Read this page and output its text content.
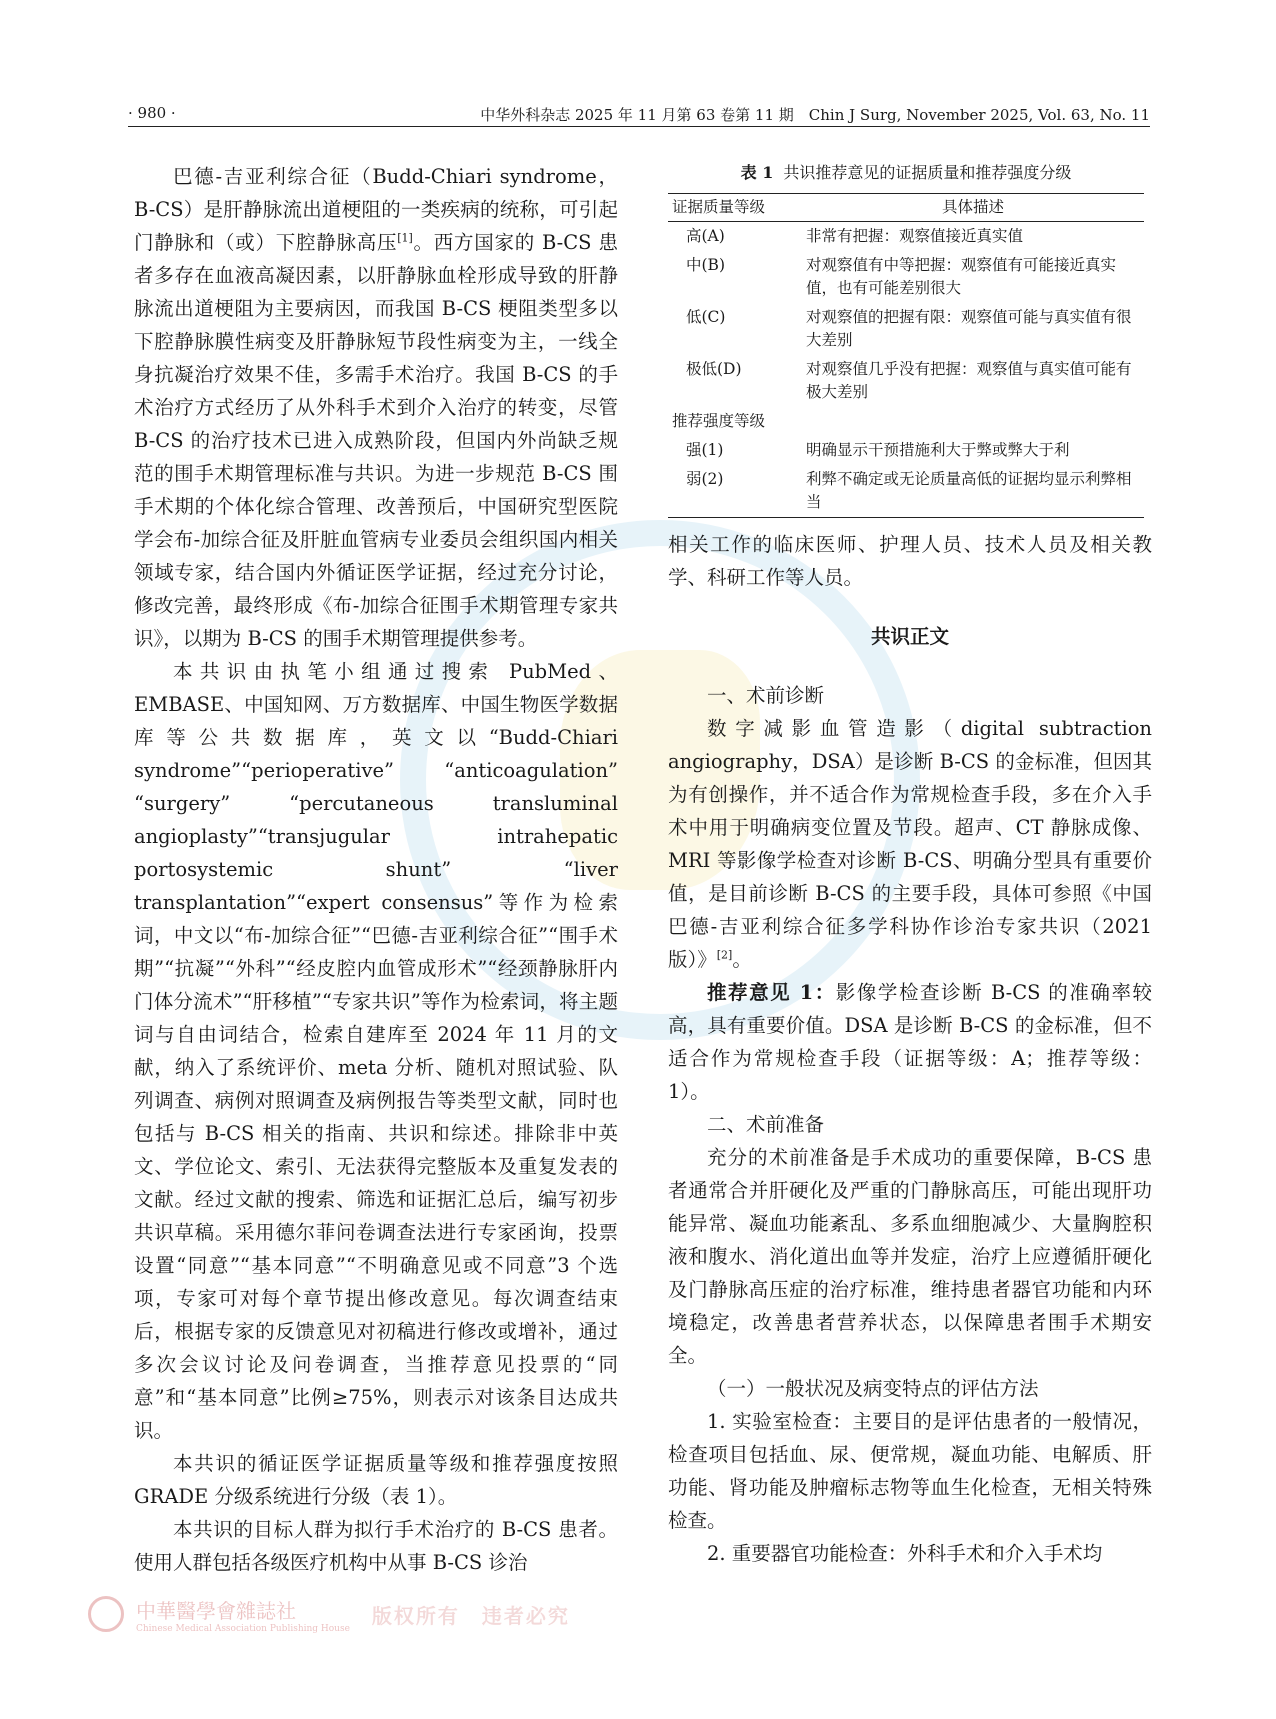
· 980 ·	中华外科杂志 2025 年 11 月第 63 卷第 11 期　Chin J Surg, November 2025, Vol. 63, No. 11

巴德-吉亚利综合征（Budd-Chiari syndrome，B-CS）是肝静脉流出道梗阻的一类疾病的统称，可引起门静脉和（或）下腔静脉高压[1]。西方国家的 B-CS 患者多存在血液高凝因素，以肝静脉血栓形成导致的肝静脉流出道梗阻为主要病因，而我国 B-CS 梗阻类型多以下腔静脉膜性病变及肝静脉短节段性病变为主，一线全身抗凝治疗效果不佳，多需手术治疗。我国 B-CS 的手术治疗方式经历了从外科手术到介入治疗的转变，尽管 B-CS 的治疗技术已进入成熟阶段，但国内外尚缺乏规范的围手术期管理标准与共识。为进一步规范 B-CS 围手术期的个体化综合管理、改善预后，中国研究型医院学会布-加综合征及肝脏血管病专业委员会组织国内相关领域专家，结合国内外循证医学证据，经过充分讨论，修改完善，最终形成《布-加综合征围手术期管理专家共识》，以期为 B-CS 的围手术期管理提供参考。

本共识由执笔小组通过搜索 PubMed、EMBASE、中国知网、万方数据库、中国生物医学数据库等公共数据库，英文以“Budd-Chiari syndrome”“perioperative” “anticoagulation” “surgery” “percutaneous transluminal angioplasty”“transjugular intrahepatic portosystemic shunt” “liver transplantation”“expert consensus”等作为检索词，中文以“布-加综合征”“巴德-吉亚利综合征”“围手术期”“抗凝”“外科”“经皮腔内血管成形术”“经颈静脉肝内门体分流术”“肝移植”“专家共识”等作为检索词，将主题词与自由词结合，检索自建库至 2024 年 11 月的文献，纳入了系统评价、meta 分析、随机对照试验、队列调查、病例对照调查及病例报告等类型文献，同时也包括与 B-CS 相关的指南、共识和综述。排除非中英文、学位论文、索引、无法获得完整版本及重复发表的文献。经过文献的搜索、筛选和证据汇总后，编写初步共识草稿。采用德尔菲问卷调查法进行专家函询，投票设置“同意”“基本同意”“不明确意见或不同意”3 个选项，专家可对每个章节提出修改意见。每次调查结束后，根据专家的反馈意见对初稿进行修改或增补，通过多次会议讨论及问卷调查，当推荐意见投票的“同意”和“基本同意”比例≥75%，则表示对该条目达成共识。

本共识的循证医学证据质量等级和推荐强度按照 GRADE 分级系统进行分级（表 1）。

本共识的目标人群为拟行手术治疗的 B-CS 患者。使用人群包括各级医疗机构中从事 B-CS 诊治

表 1 共识推荐意见的证据质量和推荐强度分级
证据质量等级	具体描述
高(A)	非常有把握：观察值接近真实值
中(B)	对观察值有中等把握：观察值有可能接近真实值，也有可能差别很大
低(C)	对观察值的把握有限：观察值可能与真实值有很大差别
极低(D)	对观察值几乎没有把握：观察值与真实值可能有极大差别
推荐强度等级	
强(1)	明确显示干预措施利大于弊或弊大于利
弱(2)	利弊不确定或无论质量高低的证据均显示利弊相当

相关工作的临床医师、护理人员、技术人员及相关教学、科研工作等人员。

共识正文

一、术前诊断

数字减影血管造影（digital subtraction angiography，DSA）是诊断 B-CS 的金标准，但因其为有创操作，并不适合作为常规检查手段，多在介入手术中用于明确病变位置及节段。超声、CT 静脉成像、MRI 等影像学检查对诊断 B-CS、明确分型具有重要价值，是目前诊断 B-CS 的主要手段，具体可参照《中国巴德-吉亚利综合征多学科协作诊治专家共识（2021 版）》[2]。

推荐意见 1：影像学检查诊断 B-CS 的准确率较高，具有重要价值。DSA 是诊断 B-CS 的金标准，但不适合作为常规检查手段（证据等级：A；推荐等级：1）。

二、术前准备

充分的术前准备是手术成功的重要保障，B-CS 患者通常合并肝硬化及严重的门静脉高压，可能出现肝功能异常、凝血功能紊乱、多系血细胞减少、大量胸腔积液和腹水、消化道出血等并发症，治疗上应遵循肝硬化及门静脉高压症的治疗标准，维持患者器官功能和内环境稳定，改善患者营养状态，以保障患者围手术期安全。

（一）一般状况及病变特点的评估方法

1. 实验室检查：主要目的是评估患者的一般情况，检查项目包括血、尿、便常规，凝血功能、电解质、肝功能、肾功能及肿瘤标志物等血生化检查，无相关特殊检查。

2. 重要器官功能检查：外科手术和介入手术均

中華醫學會雜誌社
Chinese Medical Association Publishing House
版权所有　违者必究
